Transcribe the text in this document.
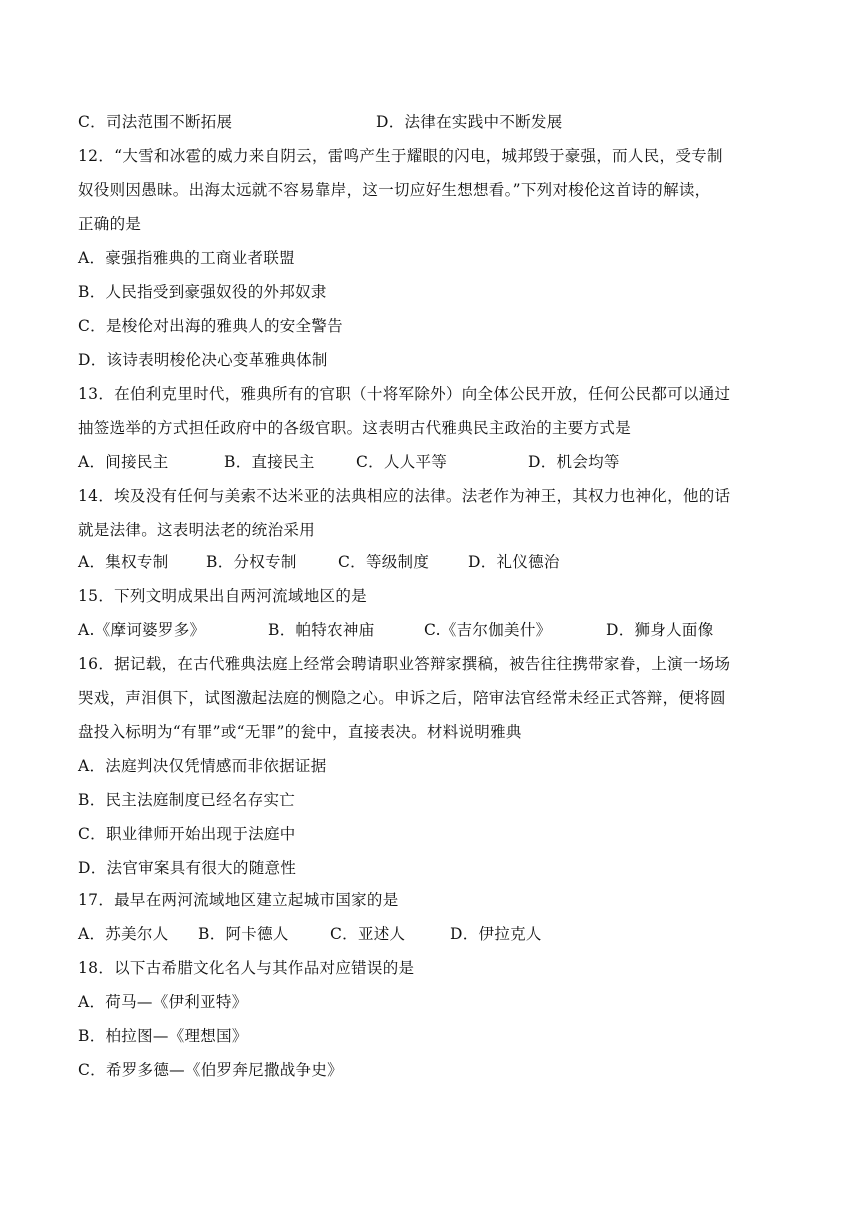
C．司法范围不断拓展	D．法律在实践中不断发展
12．“大雪和冰雹的威力来自阴云，雷鸣产生于耀眼的闪电，城邦毁于豪强，而人民，受专制
奴役则因愚昧。出海太远就不容易靠岸，这一切应好生想想看。”下列对梭伦这首诗的解读，
正确的是
A．豪强指雅典的工商业者联盟
B．人民指受到豪强奴役的外邦奴隶
C．是梭伦对出海的雅典人的安全警告
D．该诗表明梭伦决心变革雅典体制
13．在伯利克里时代，雅典所有的官职（十将军除外）向全体公民开放，任何公民都可以通过
抽签选举的方式担任政府中的各级官职。这表明古代雅典民主政治的主要方式是
A．间接民主	B．直接民主	C．人人平等	D．机会均等
14．埃及没有任何与美索不达米亚的法典相应的法律。法老作为神王，其权力也神化，他的话
就是法律。这表明法老的统治采用
A．集权专制 B．分权专制	C．等级制度	D．礼仪德治
15．下列文明成果出自两河流域地区的是
A.《摩诃婆罗多》	B．帕特农神庙	C.《吉尔伽美什》	D．狮身人面像
16．据记载，在古代雅典法庭上经常会聘请职业答辩家撰稿，被告往往携带家眷，上演一场场
哭戏，声泪俱下，试图激起法庭的恻隐之心。申诉之后，陪审法官经常未经正式答辩，便将圆
盘投入标明为“有罪”或“无罪”的瓮中，直接表决。材料说明雅典
A．法庭判决仅凭情感而非依据证据
B．民主法庭制度已经名存实亡
C．职业律师开始出现于法庭中
D．法官审案具有很大的随意性
17．最早在两河流域地区建立起城市国家的是
A．苏美尔人 B．阿卡德人	C．亚述人	D．伊拉克人
18．以下古希腊文化名人与其作品对应错误的是
A．荷马—《伊利亚特》
B．柏拉图—《理想国》
C．希罗多德—《伯罗奔尼撒战争史》
